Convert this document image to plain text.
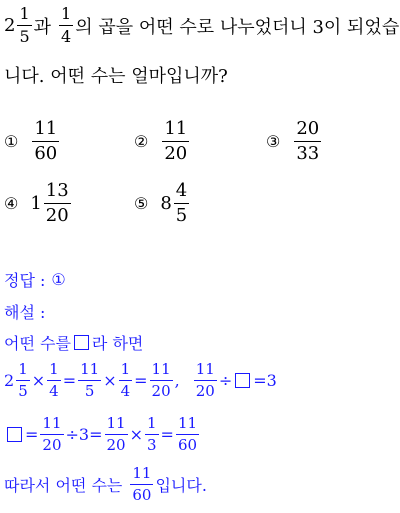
$2 \frac{1}{5}$ 과 $\frac{1}{4}$ 의 곱을 어떤 수로 나누었더니 3이 되었습
니다. 어떤 수는 얼마입니까?
① $\frac{11}{60}$	② $\frac{11}{20}$	③ $\frac{20}{33}$
④ $1 \frac{13}{20}$	⑤ $8 \frac{4}{5}$
정답 : ①
해설 :
어떤 수를 라 하면
$2 \frac{1}{5} \times \frac{1}{4} = \frac{11}{5} \times \frac{1}{4} = \frac{11}{20}$ , $\frac{11}{20}$ ÷ = 3
= $\frac{11}{20} \div 3 = \frac{11}{20} \times \frac{1}{3} = \frac{11}{60}$
따라서 어떤 수는 $\frac{11}{60}$ 입니다.
